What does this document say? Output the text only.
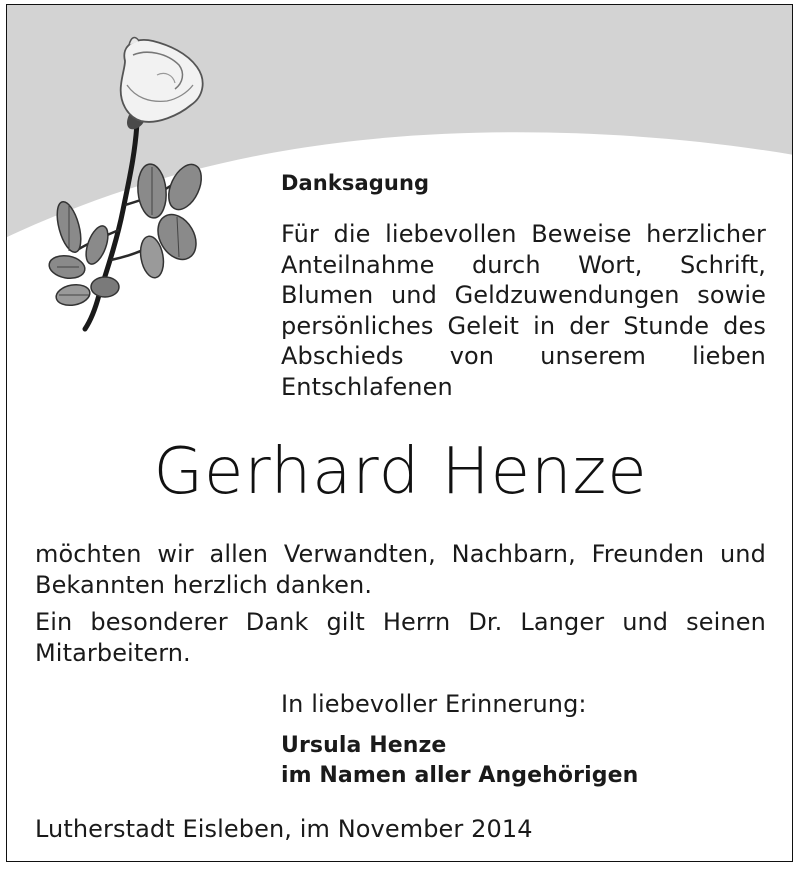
Danksagung
Für die liebevollen Beweise herzlicher
Anteilnahme durch Wort, Schrift,
Blumen und Geldzuwendungen sowie
persönliches Geleit in der Stunde des
Abschieds von unserem lieben
Entschlafenen
Gerhard Henze
möchten wir allen Verwandten, Nachbarn, Freunden und
Bekannten herzlich danken.
Ein besonderer Dank gilt Herrn Dr. Langer und seinen
Mitarbeitern.
In liebevoller Erinnerung:
Ursula Henze
im Namen aller Angehörigen
Lutherstadt Eisleben, im November 2014
